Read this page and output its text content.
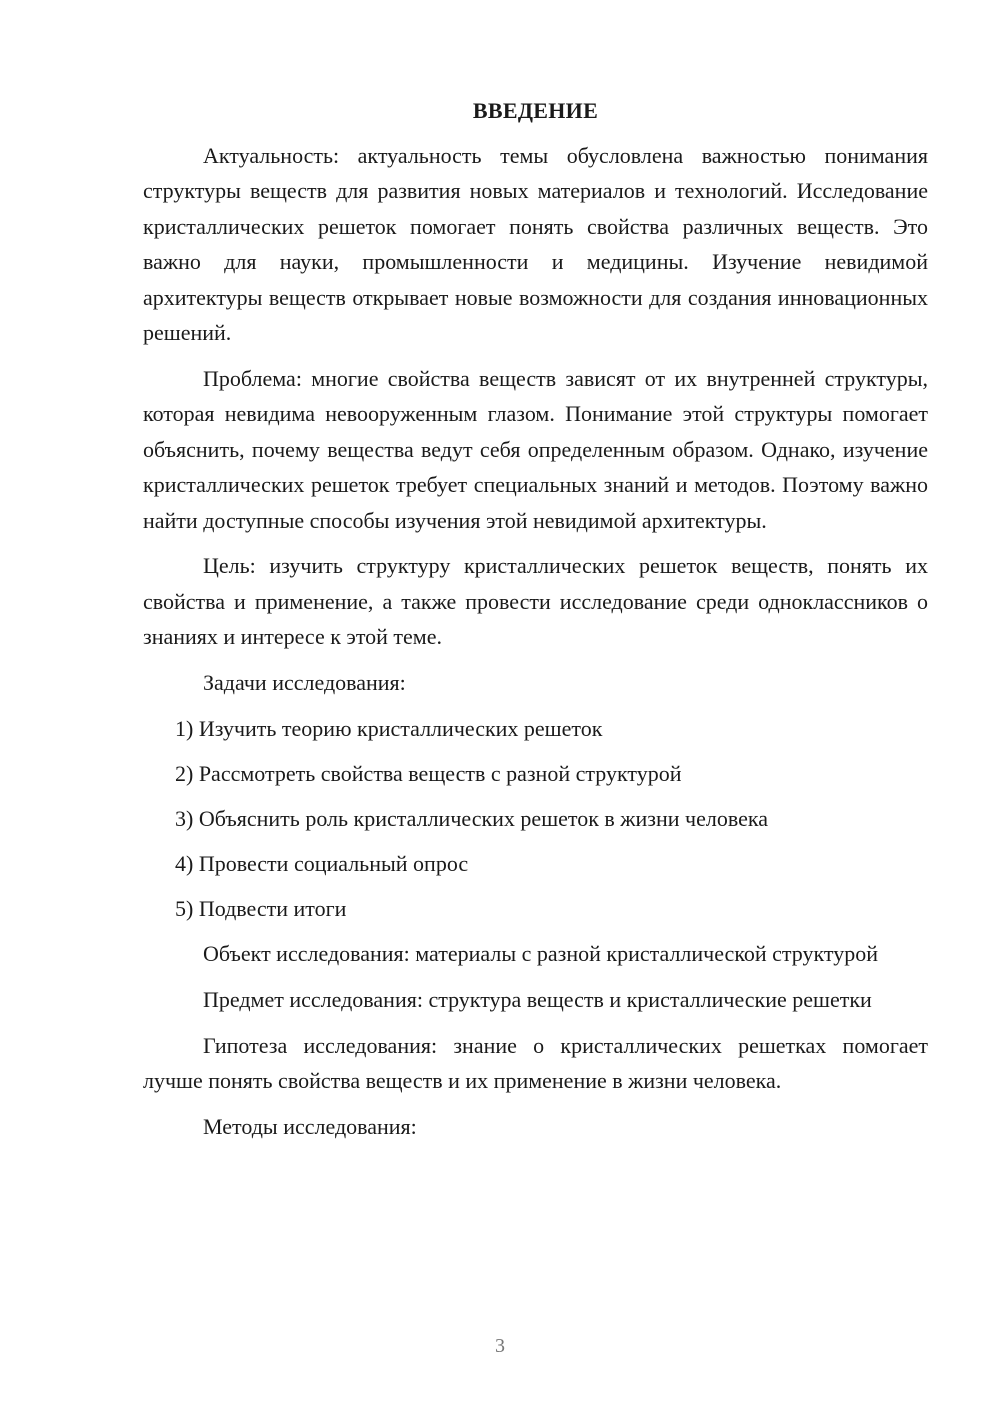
ВВЕДЕНИЕ

Актуальность: актуальность темы обусловлена важностью понимания структуры веществ для развития новых материалов и технологий. Исследование кристаллических решеток помогает понять свойства различных веществ. Это важно для науки, промышленности и медицины. Изучение невидимой архитектуры веществ открывает новые возможности для создания инновационных решений.

Проблема: многие свойства веществ зависят от их внутренней структуры, которая невидима невооруженным глазом. Понимание этой структуры помогает объяснить, почему вещества ведут себя определенным образом. Однако, изучение кристаллических решеток требует специальных знаний и методов. Поэтому важно найти доступные способы изучения этой невидимой архитектуры.

Цель: изучить структуру кристаллических решеток веществ, понять их свойства и применение, а также провести исследование среди одноклассников о знаниях и интересе к этой теме.

Задачи исследования:

1) Изучить теорию кристаллических решеток
2) Рассмотреть свойства веществ с разной структурой
3) Объяснить роль кристаллических решеток в жизни человека
4) Провести социальный опрос
5) Подвести итоги

Объект исследования: материалы с разной кристаллической структурой

Предмет исследования: структура веществ и кристаллические решетки

Гипотеза исследования: знание о кристаллических решетках помогает лучше понять свойства веществ и их применение в жизни человека.

Методы исследования:

3
